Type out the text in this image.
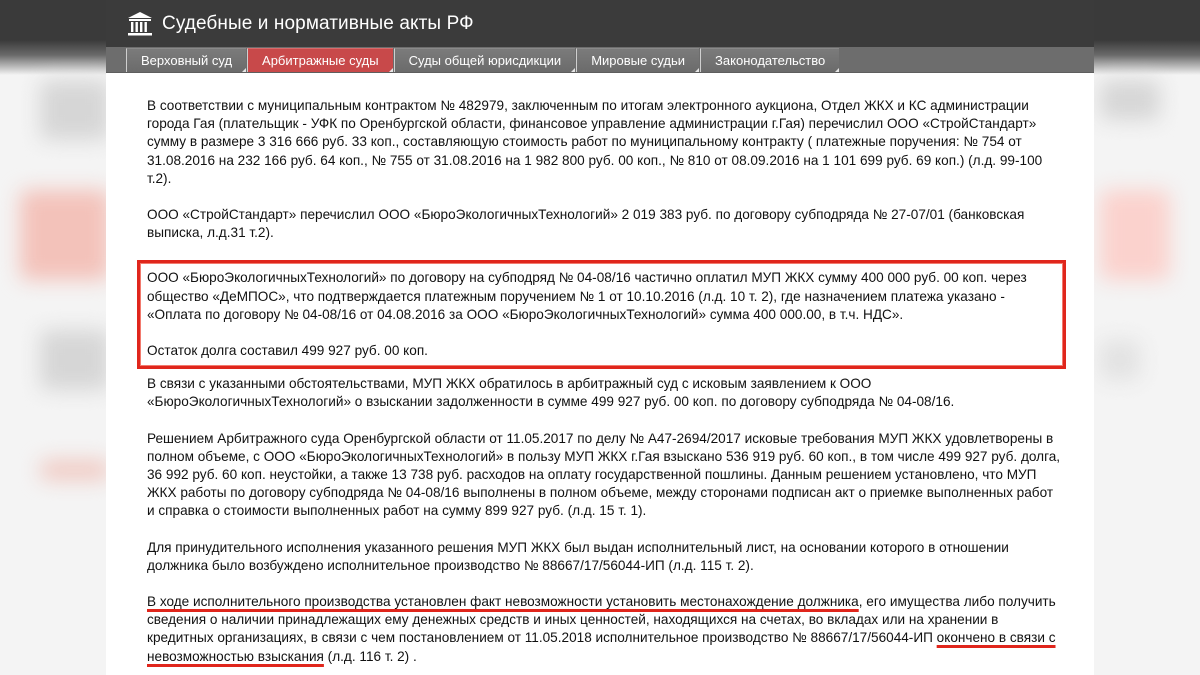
Судебные и нормативные акты РФ
Верховный суд	Арбитражные суды	Суды общей юрисдикции	Мировые судьи	Законодательство

В соответствии с муниципальным контрактом № 482979, заключенным по итогам электронного аукциона, Отдел ЖКХ и КС администрации города Гая (плательщик - УФК по Оренбургской области, финансовое управление администрации г.Гая) перечислил ООО «СтройСтандарт» сумму в размере 3 316 666 руб. 33 коп., составляющую стоимость работ по муниципальному контракту ( платежные поручения: № 754 от 31.08.2016 на 232 166 руб. 64 коп., № 755 от 31.08.2016 на 1 982 800 руб. 00 коп., № 810 от 08.09.2016 на 1 101 699 руб. 69 коп.) (л.д. 99-100 т.2).

ООО «СтройСтандарт» перечислил ООО «БюроЭкологичныхТехнологий» 2 019 383 руб. по договору субподряда № 27-07/01 (банковская выписка, л.д.31 т.2).

ООО «БюроЭкологичныхТехнологий» по договору на субподряд № 04-08/16 частично оплатил МУП ЖКХ сумму 400 000 руб. 00 коп. через общество «ДеМПОС», что подтверждается платежным поручением № 1 от 10.10.2016 (л.д. 10 т. 2), где назначением платежа указано - «Оплата по договору № 04-08/16 от 04.08.2016 за ООО «БюроЭкологичныхТехнологий» сумма 400 000.00, в т.ч. НДС».

Остаток долга составил 499 927 руб. 00 коп.

В связи с указанными обстоятельствами, МУП ЖКХ обратилось в арбитражный суд с исковым заявлением к ООО «БюроЭкологичныхТехнологий» о взыскании задолженности в сумме 499 927 руб. 00 коп. по договору субподряда № 04-08/16.

Решением Арбитражного суда Оренбургской области от 11.05.2017 по делу № А47-2694/2017 исковые требования МУП ЖКХ удовлетворены в полном объеме, с ООО «БюроЭкологичныхТехнологий» в пользу МУП ЖКХ г.Гая взыскано 536 919 руб. 60 коп., в том числе 499 927 руб. долга, 36 992 руб. 60 коп. неустойки, а также 13 738 руб. расходов на оплату государственной пошлины. Данным решением установлено, что МУП ЖКХ работы по договору субподряда № 04-08/16 выполнены в полном объеме, между сторонами подписан акт о приемке выполненных работ и справка о стоимости выполненных работ на сумму 899 927 руб. (л.д. 15 т. 1).

Для принудительного исполнения указанного решения МУП ЖКХ был выдан исполнительный лист, на основании которого в отношении должника было возбуждено исполнительное производство № 88667/17/56044-ИП (л.д. 115 т. 2).

В ходе исполнительного производства установлен факт невозможности установить местонахождение должника, его имущества либо получить сведения о наличии принадлежащих ему денежных средств и иных ценностей, находящихся на счетах, во вкладах или на хранении в кредитных организациях, в связи с чем постановлением от 11.05.2018 исполнительное производство № 88667/17/56044-ИП окончено в связи с невозможностью взыскания (л.д. 116 т. 2) .
